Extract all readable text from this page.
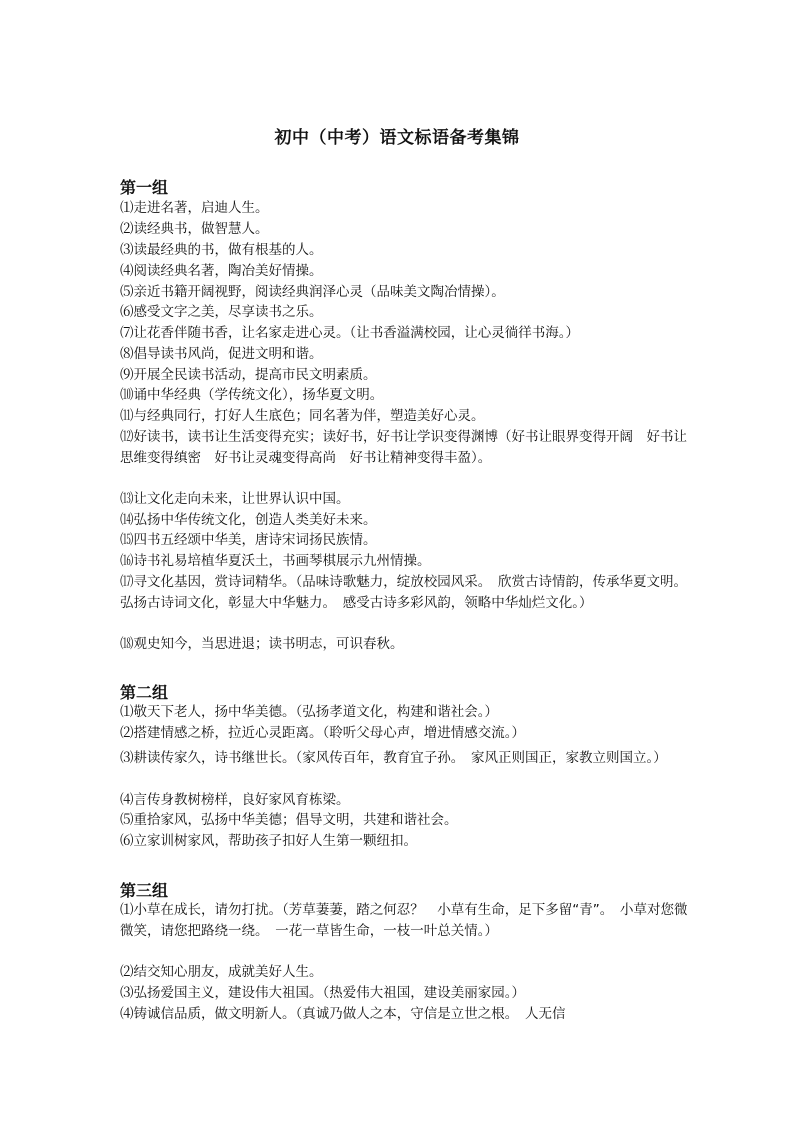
初中（中考）语文标语备考集锦
第一组
⑴走进名著，启迪人生。
⑵读经典书，做智慧人。
⑶读最经典的书，做有根基的人。
⑷阅读经典名著，陶冶美好情操。
⑸亲近书籍开阔视野，阅读经典润泽心灵（品味美文陶冶情操）。
⑹感受文字之美，尽享读书之乐。
⑺让花香伴随书香，让名家走进心灵。（让书香溢满校园，让心灵徜徉书海。）
⑻倡导读书风尚，促进文明和谐。
⑼开展全民读书活动，提高市民文明素质。
⑽诵中华经典（学传统文化），扬华夏文明。
⑾与经典同行，打好人生底色；同名著为伴，塑造美好心灵。
⑿好读书，读书让生活变得充实；读好书，好书让学识变得渊博（好书让眼界变得开阔　好书让思维变得缜密　好书让灵魂变得高尚　好书让精神变得丰盈）。
⒀让文化走向未来，让世界认识中国。
⒁弘扬中华传统文化，创造人类美好未来。
⒂四书五经颂中华美，唐诗宋词扬民族情。
⒃诗书礼易培植华夏沃土，书画琴棋展示九州情操。
⒄寻文化基因，赏诗词精华。（品味诗歌魅力，绽放校园风采。　欣赏古诗情韵，传承华夏文明。　弘扬古诗词文化，彰显大中华魅力。　感受古诗多彩风韵，领略中华灿烂文化。）
⒅观史知今，当思进退；读书明志，可识春秋。
第二组
⑴敬天下老人，扬中华美德。（弘扬孝道文化，构建和谐社会。）
⑵搭建情感之桥，拉近心灵距离。（聆听父母心声，增进情感交流。）
⑶耕读传家久，诗书继世长。（家风传百年，教育宜子孙。　家风正则国正，家教立则国立。）
⑷言传身教树榜样，良好家风育栋梁。
⑸重拾家风，弘扬中华美德；倡导文明，共建和谐社会。
⑹立家训树家风，帮助孩子扣好人生第一颗纽扣。
第三组
⑴小草在成长，请勿打扰。（芳草萋萋，踏之何忍？　小草有生命，足下多留“青”。　小草对您微微笑，请您把路绕一绕。　一花一草皆生命，一枝一叶总关情。）
⑵结交知心朋友，成就美好人生。
⑶弘扬爱国主义，建设伟大祖国。（热爱伟大祖国，建设美丽家园。）
⑷铸诚信品质，做文明新人。（真诚乃做人之本，守信是立世之根。　人无信
